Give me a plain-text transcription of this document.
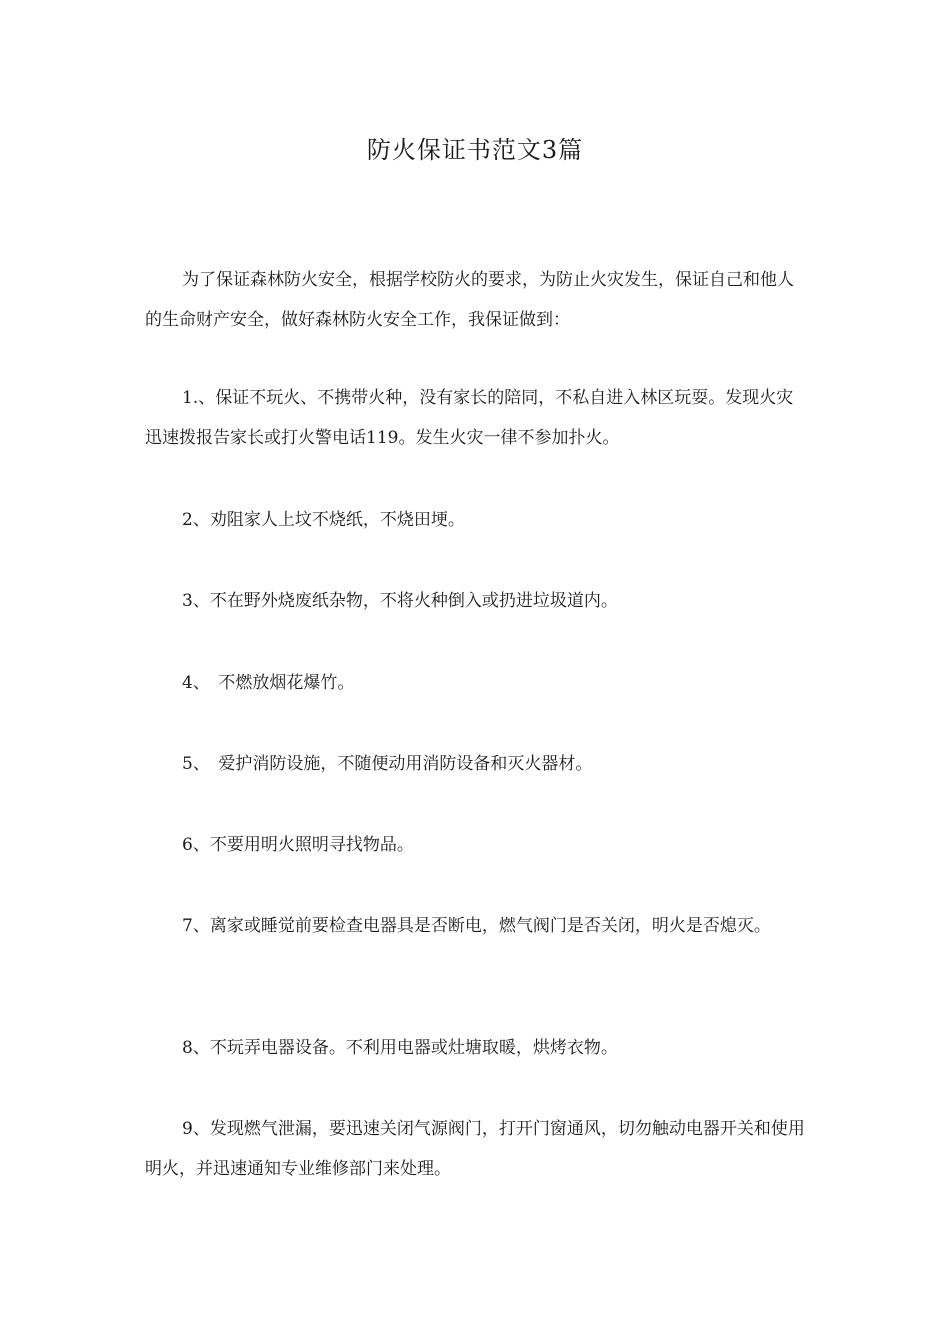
防火保证书范文3篇

为了保证森林防火安全，根据学校防火的要求，为防止火灾发生，保证自己和他人的生命财产安全，做好森林防火安全工作，我保证做到：

1.、保证不玩火、不携带火种，没有家长的陪同，不私自进入林区玩耍。发现火灾迅速拨报告家长或打火警电话119。发生火灾一律不参加扑火。

2、劝阻家人上坟不烧纸，不烧田埂。

3、不在野外烧废纸杂物，不将火种倒入或扔进垃圾道内。

4、　不燃放烟花爆竹。

5、　爱护消防设施，不随便动用消防设备和灭火器材。

6、不要用明火照明寻找物品。

7、离家或睡觉前要检查电器具是否断电，燃气阀门是否关闭，明火是否熄灭。

8、不玩弄电器设备。不利用电器或灶塘取暖，烘烤衣物。

9、发现燃气泄漏，要迅速关闭气源阀门，打开门窗通风，切勿触动电器开关和使用明火，并迅速通知专业维修部门来处理。
